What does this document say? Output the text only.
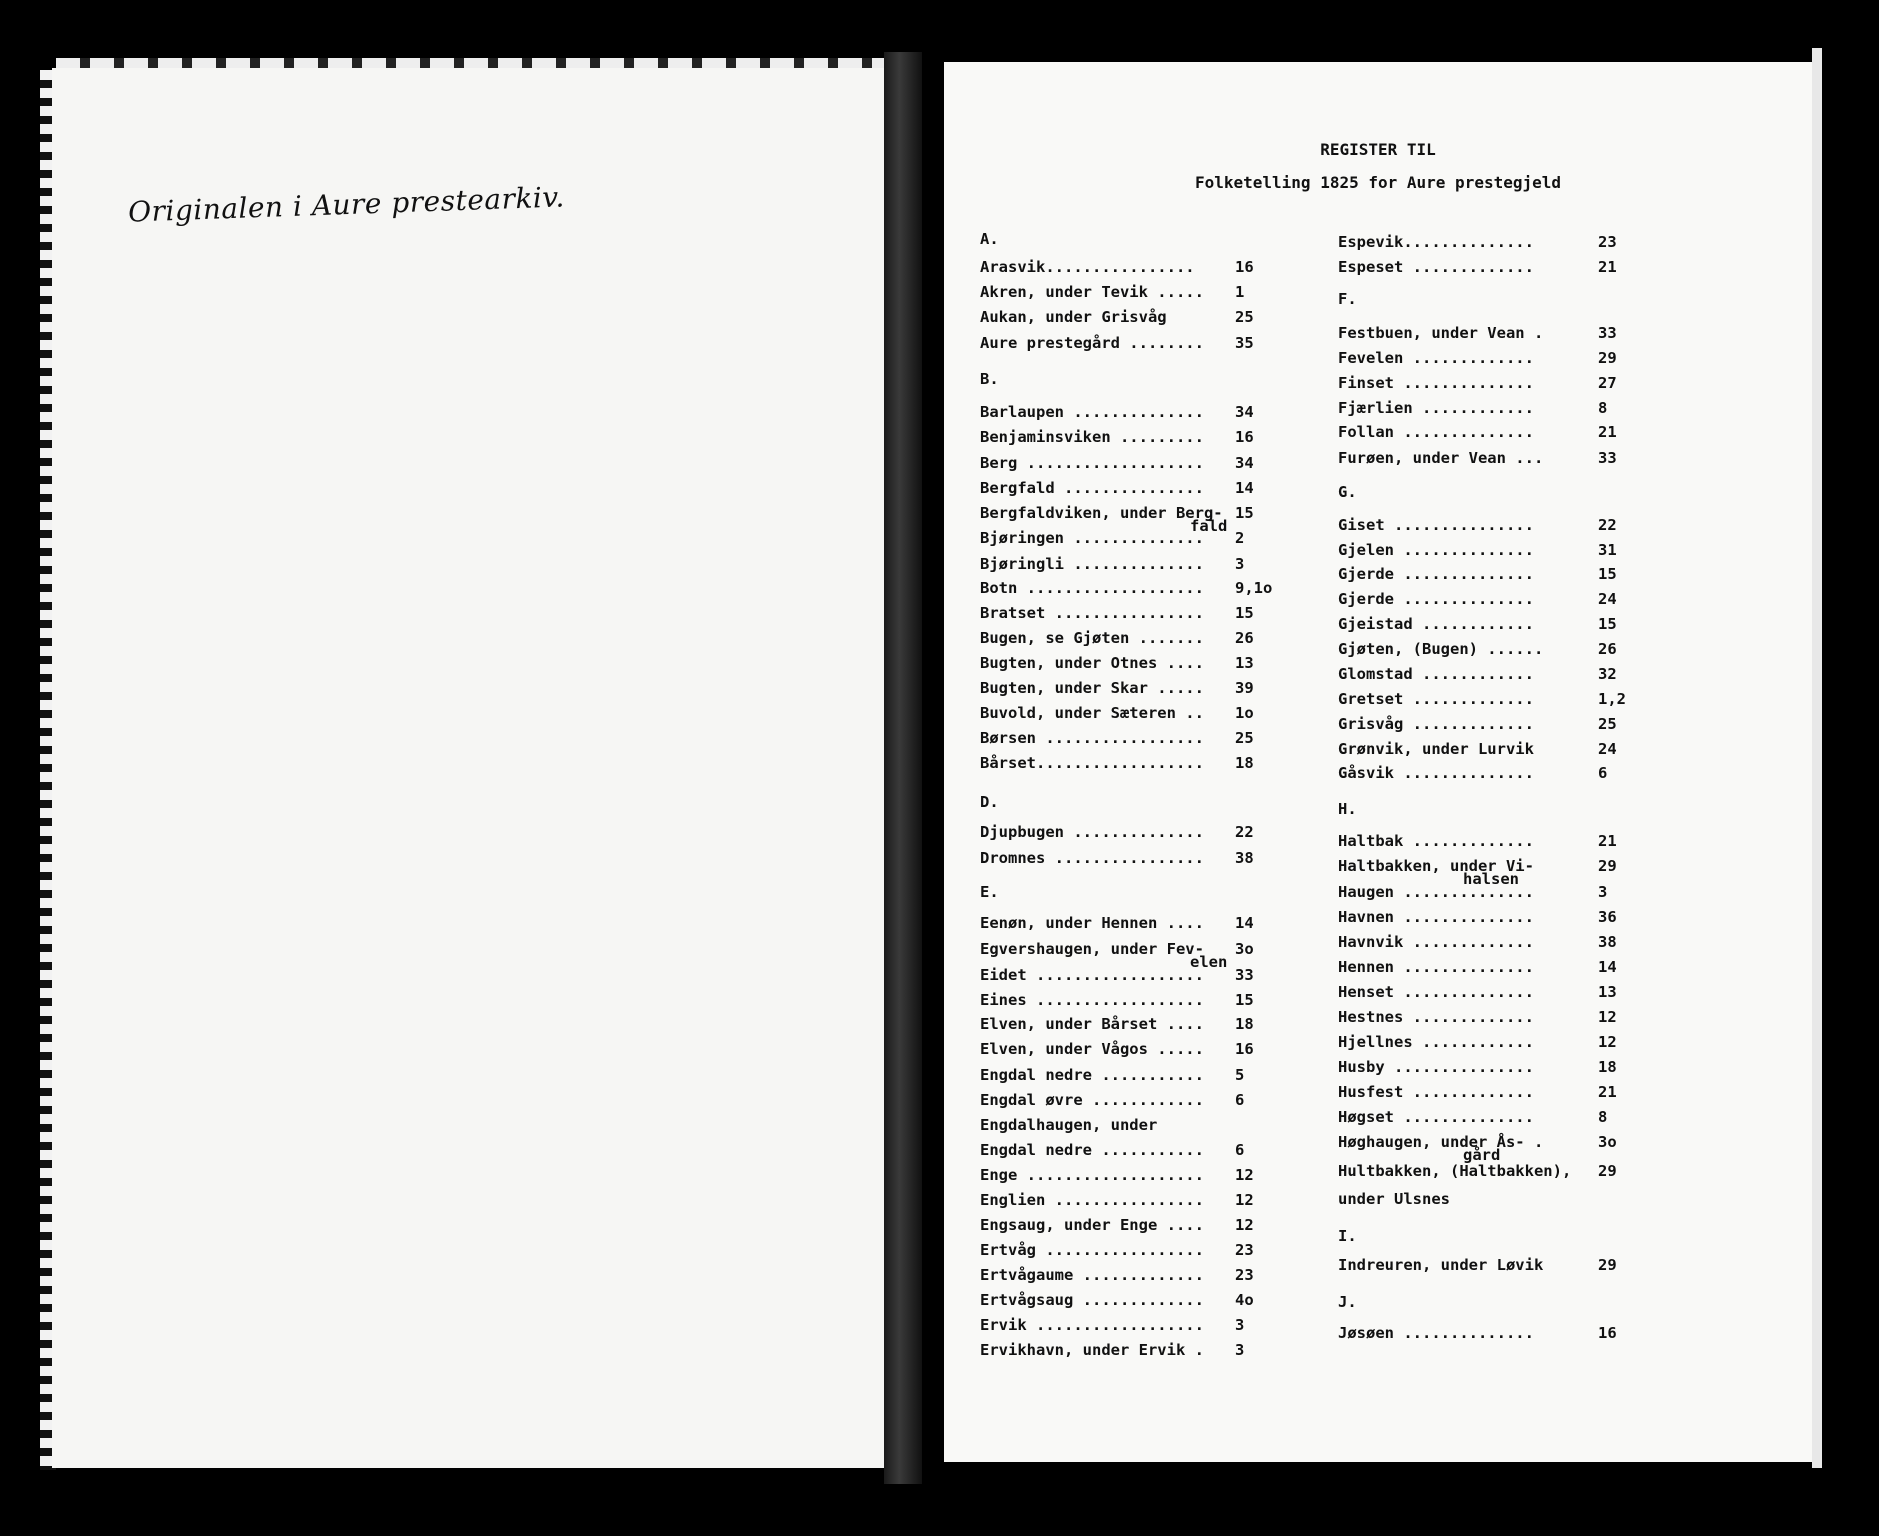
Originalen i Aure prestearkiv.
REGISTER TIL
Folketelling 1825 for Aure prestegjeld
A.
Arasvik................	16
Akren, under Tevik ..... 1
Aukan, under Grisvåg	25
Aure prestegård ........ 35
B.
Barlaupen .............. 34
Benjaminsviken ......... 16
Berg ................... 34
Bergfald ............... 14
Bergfaldviken, under Berg- 15
fald
Bjøringen .............. 2
Bjøringli .............. 3
Botn ................... 9,1o
Bratset ................ 15
Bugen, se Gjøten ....... 26
Bugten, under Otnes .... 13
Bugten, under Skar ..... 39
Buvold, under Sæteren .. 1o
Børsen ................. 25
Bårset.................. 18
D.
Djupbugen .............. 22
Dromnes ................ 38
E.
Eenøn, under Hennen .... 14
Egvershaugen, under Fev- 3o
elen
Eidet .................. 33
Eines .................. 15
Elven, under Bårset .... 18
Elven, under Vågos ..... 16
Engdal nedre ........... 5
Engdal øvre ............ 6
Engdalhaugen, under
Engdal nedre ........... 6
Enge ................... 12
Englien ................ 12
Engsaug, under Enge .... 12
Ertvåg ................. 23
Ertvågaume ............. 23
Ertvågsaug ............. 4o
Ervik .................. 3
Ervikhavn, under Ervik . 3
Espevik..............	23
Espeset .............	21
F.
Festbuen, under Vean .	33
Fevelen .............	29
Finset ..............	27
Fjærlien ............	8
Follan ..............	21
Furøen, under Vean ...	33
G.
Giset ...............	22
Gjelen ..............	31
Gjerde ..............	15
Gjerde ..............	24
Gjeistad ............	15
Gjøten, (Bugen) ......	26
Glomstad ............	32
Gretset .............	1,2
Grisvåg .............	25
Grønvik, under Lurvik	24
Gåsvik ..............	6
H.
Haltbak .............	21
Haltbakken, under Vi-	29
halsen
Haugen ..............	3
Havnen ..............	36
Havnvik .............	38
Hennen ..............	14
Henset ..............	13
Hestnes .............	12
Hjellnes ............	12
Husby ...............	18
Husfest .............	21
Høgset ..............	8
Høghaugen, under Ås- .	3o
gård
Hultbakken, (Haltbakken), 29
under Ulsnes
I.
Indreuren, under Løvik	29
J.
Jøsøen ..............	16
